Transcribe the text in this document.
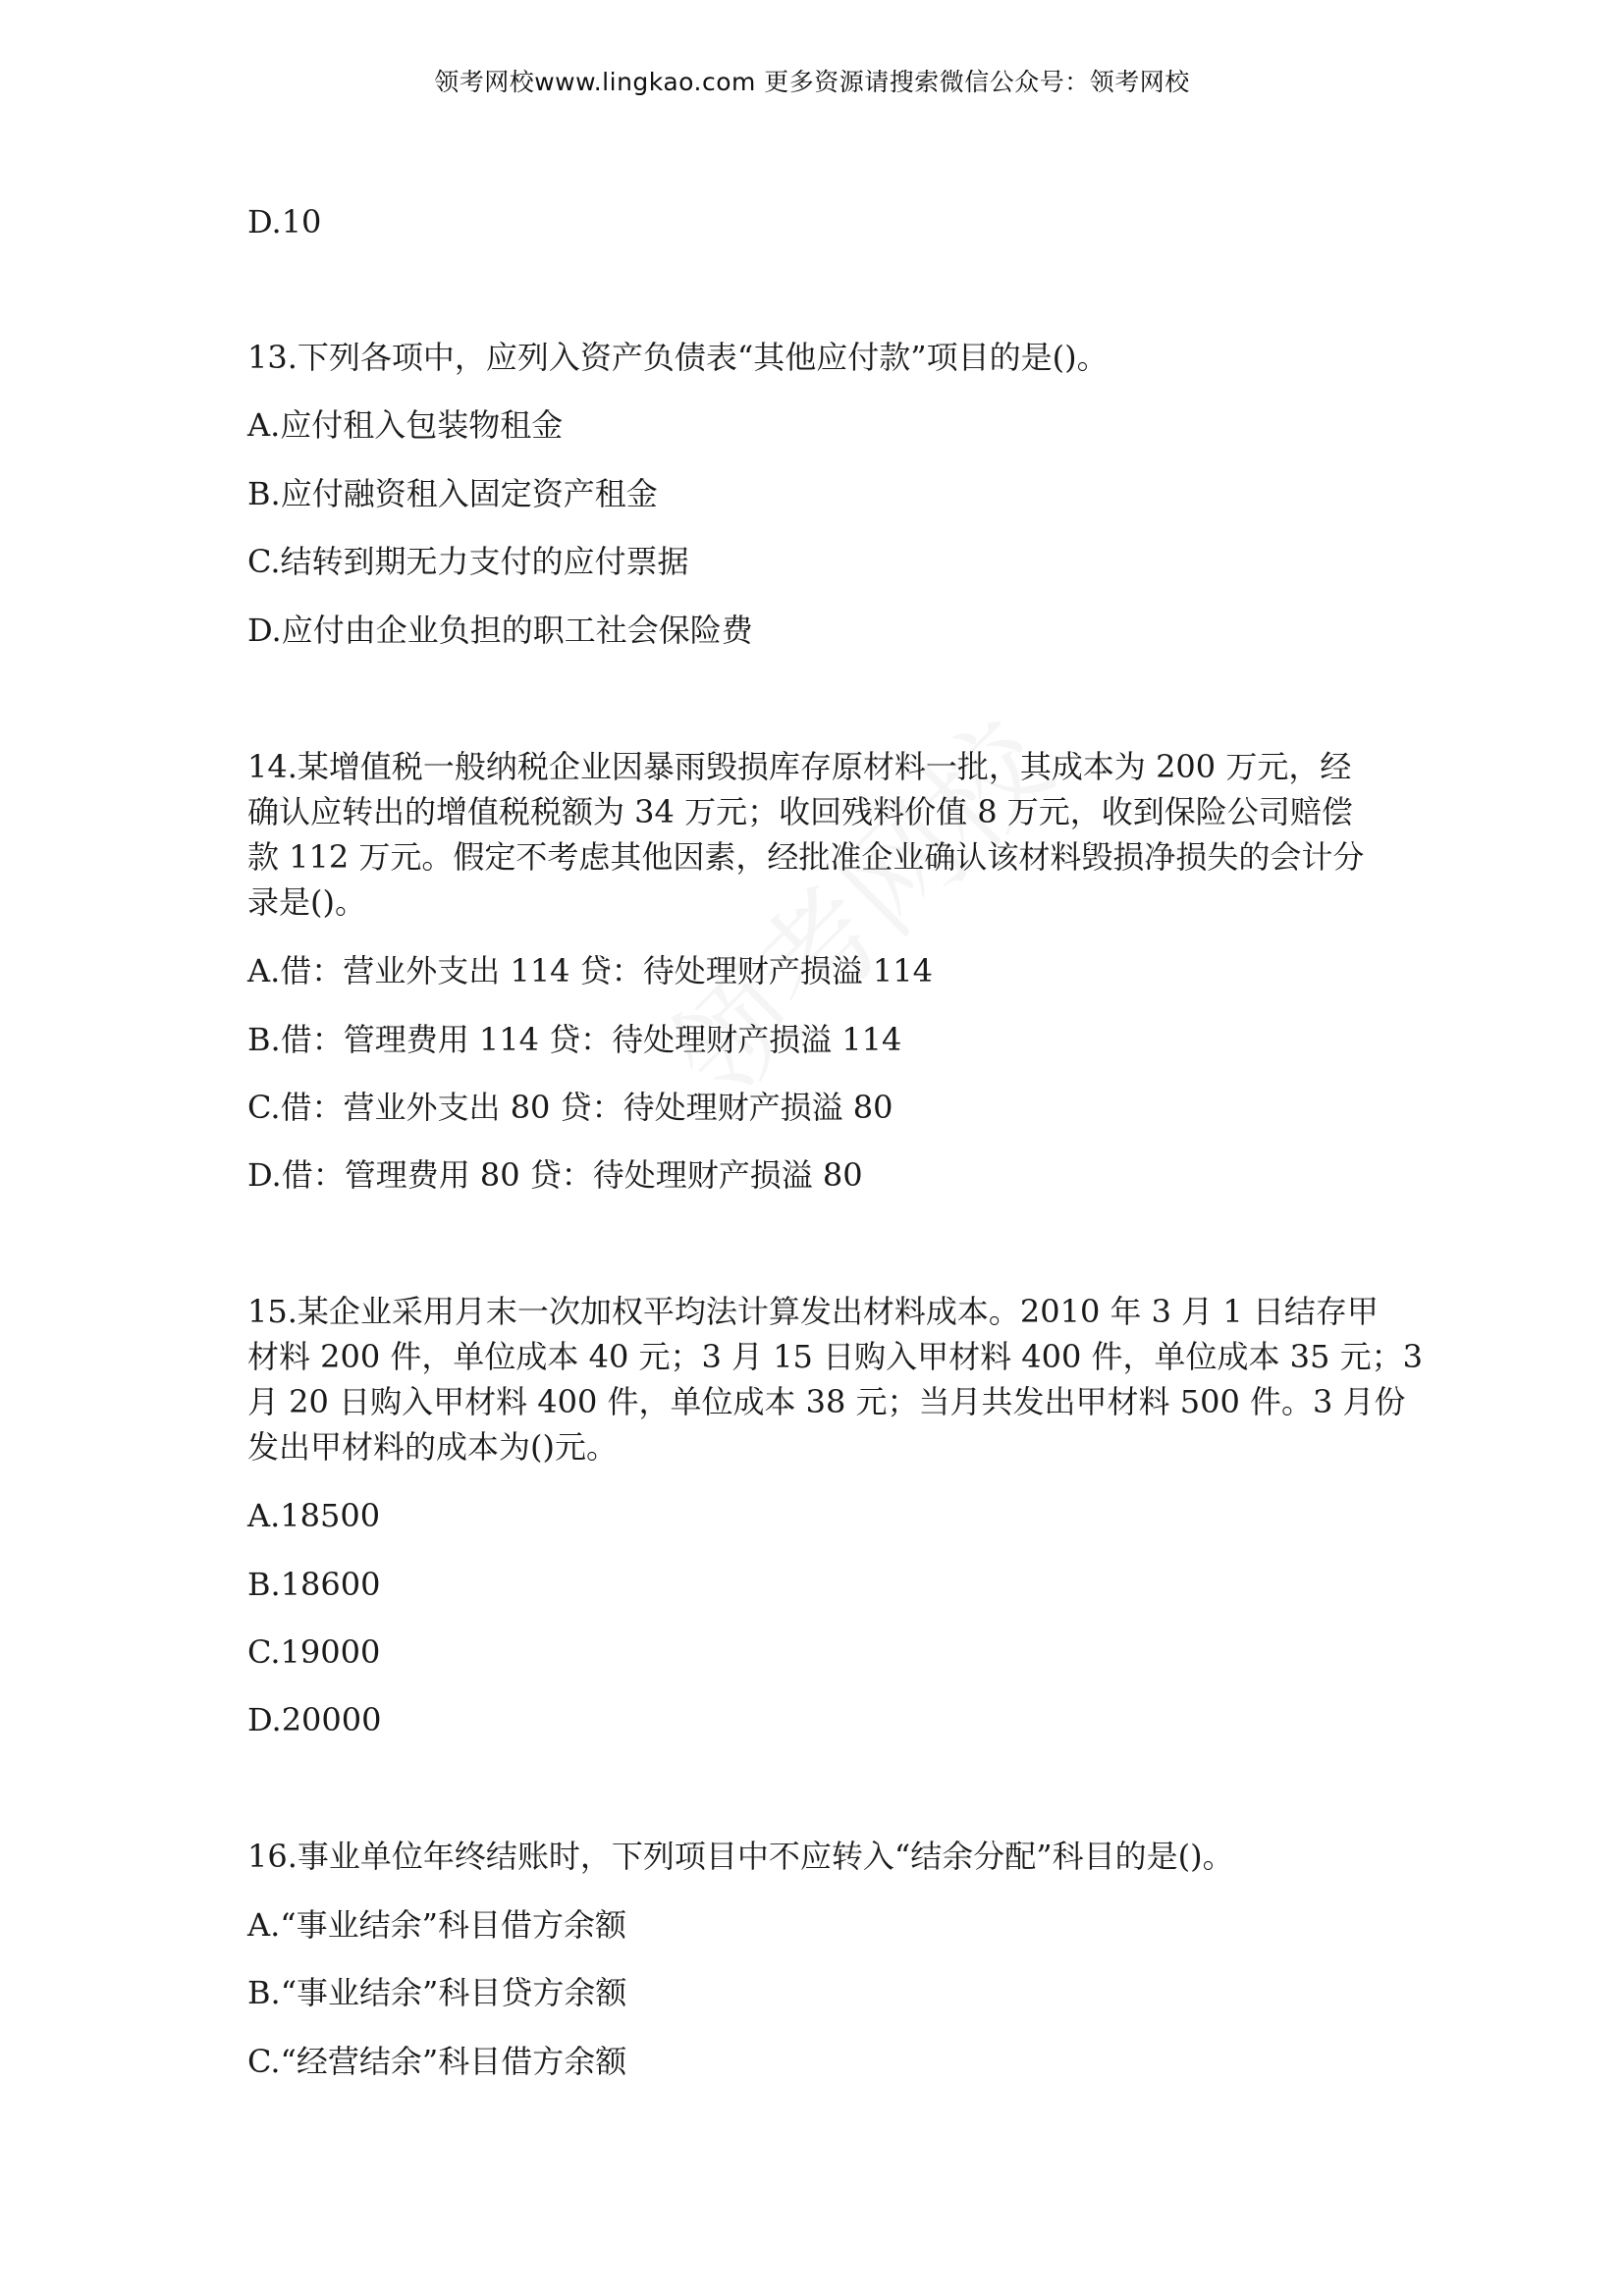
领考网校www.lingkao.com 更多资源请搜索微信公众号：领考网校
D.10
13.下列各项中，应列入资产负债表“其他应付款”项目的是()。
A.应付租入包装物租金
B.应付融资租入固定资产租金
C.结转到期无力支付的应付票据
D.应付由企业负担的职工社会保险费
14.某增值税一般纳税企业因暴雨毁损库存原材料一批，其成本为 200 万元，经
确认应转出的增值税税额为 34 万元；收回残料价值 8 万元，收到保险公司赔偿
款 112 万元。假定不考虑其他因素，经批准企业确认该材料毁损净损失的会计分
录是()。
A.借：营业外支出 114 贷：待处理财产损溢 114
B.借：管理费用 114 贷：待处理财产损溢 114
C.借：营业外支出 80 贷：待处理财产损溢 80
D.借：管理费用 80 贷：待处理财产损溢 80
15.某企业采用月末一次加权平均法计算发出材料成本。2010 年 3 月 1 日结存甲
材料 200 件，单位成本 40 元；3 月 15 日购入甲材料 400 件，单位成本 35 元；3
月 20 日购入甲材料 400 件，单位成本 38 元；当月共发出甲材料 500 件。3 月份
发出甲材料的成本为()元。
A.18500
B.18600
C.19000
D.20000
16.事业单位年终结账时，下列项目中不应转入“结余分配”科目的是()。
A.“事业结余”科目借方余额
B.“事业结余”科目贷方余额
C.“经营结余”科目借方余额
